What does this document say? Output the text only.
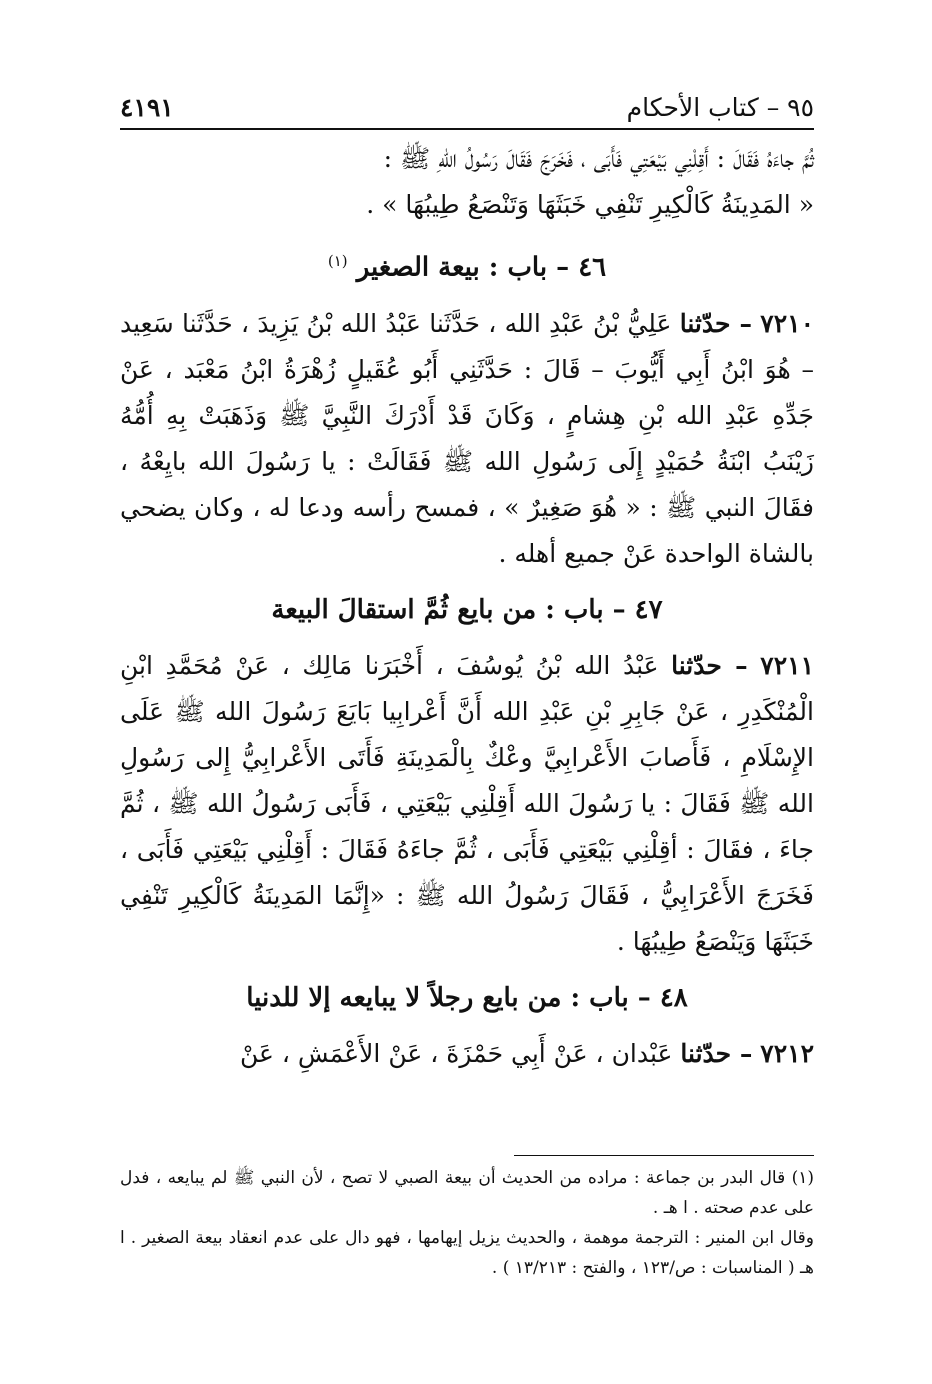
٩٥ – كتاب الأحكام
٤١٩١

ثُمَّ جاءَهُ فَقَالَ : أَقِلْنِي بَيْعَتِي فَأَبَى ، فَخَرَجَ فَقَالَ رَسُولُ اللهِ ﷺ :

« المَدِينَةُ كَالْكِيرِ تَنْفِي خَبَثَهَا وَتَنْصَعُ طِيبُهَا » .

٤٦ – باب : بيعة الصغير $^{(١)}$

٧٢١٠ – حدّثنا عَلِيُّ بْنُ عَبْدِ الله ، حَدَّثَنا عَبْدُ الله بْنُ يَزِيدَ ، حَدَّثَنا سَعِيد – هُوَ ابْنُ أَبِي أَيُّوبَ – قَالَ : حَدَّثَنِي أَبُو عُقَيلٍ زُهْرَةُ ابْنُ مَعْبَد ، عَنْ جَدِّهِ عَبْدِ الله بْنِ هِشامٍ ، وَكَانَ قَدْ أَدْرَكَ النَّبِيَّ ﷺ وَذَهَبَتْ بِهِ أُمُّهُ زَيْنَبُ ابْنَةُ حُمَيْدٍ إِلَى رَسُولِ الله ﷺ فَقَالَتْ : يا رَسُولَ الله بايِعْهُ ، فقَالَ النبي ﷺ : « هُوَ صَغِيرٌ » ، فمسح رأسه ودعا له ، وكان يضحي بالشاة الواحدة عَنْ جميع أهله .

٤٧ – باب : من بايع ثُمَّ استقالَ البيعة

٧٢١١ – حدّثنا عَبْدُ الله بْنُ يُوسُفَ ، أَخْبَرَنا مَالِك ، عَنْ مُحَمَّدِ ابْنِ الْمُنْكَدِرِ ، عَنْ جَابِرِ بْنِ عَبْدِ الله أَنَّ أَعْرابِيا بَايَعَ رَسُولَ الله ﷺ عَلَى الإِسْلَامِ ، فَأَصابَ الأَعْرابِيَّ وعْكٌ بِالْمَدِينَةِ فَأَتَى الأَعْرابِيُّ إِلى رَسُولِ الله ﷺ فَقَالَ : يا رَسُولَ الله أَقِلْنِي بَيْعَتِي ، فَأَبَى رَسُولُ الله ﷺ ، ثُمَّ جاءَ ، فقَالَ : أقِلْنِي بَيْعَتِي فَأَبَى ، ثُمَّ جاءَهُ فَقَالَ : أَقِلْنِي بَيْعَتِي فَأَبَى ، فَخَرَجَ الأَعْرَابِيُّ ، فَقَالَ رَسُولُ الله ﷺ : «إِنَّمَا المَدِينَةُ كَالْكِيرِ تَنْفِي خَبَثَهَا وَيَنْصَعُ طِيبُهَا .

٤٨ – باب : من بايع رجلاً لا يبايعه إلا للدنيا

٧٢١٢ – حدّثنا عَبْدان ، عَنْ أَبِي حَمْزَةَ ، عَنْ الأَعْمَشِ ، عَنْ

(١) قال البدر بن جماعة : مراده من الحديث أن بيعة الصبي لا تصح ، لأن النبي ﷺ لم يبايعه ، فدل على عدم صحته . ا هـ .

وقال ابن المنير : الترجمة موهمة ، والحديث يزيل إيهامها ، فهو دال على عدم انعقاد بيعة الصغير . ا هـ ( المناسبات : ص/١٢٣ ، والفتح : ١٣/٢١٣ ) .
